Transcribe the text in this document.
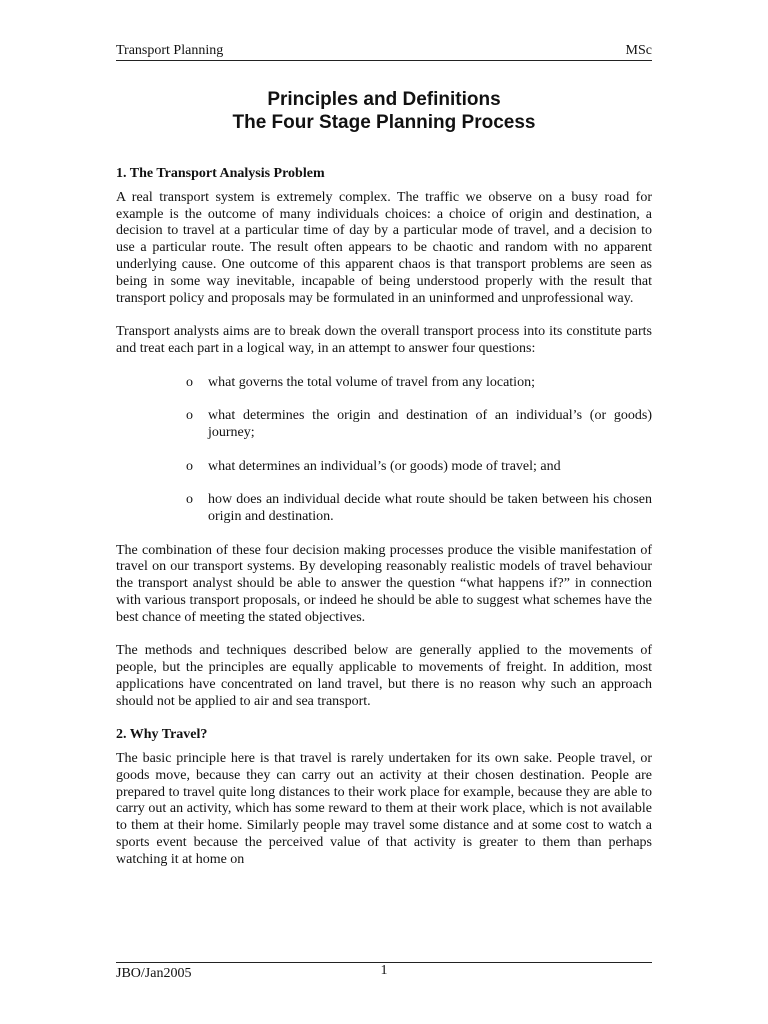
Transport Planning	MSc
Principles and Definitions
The Four Stage Planning Process
1. The Transport Analysis Problem

A real transport system is extremely complex. The traffic we observe on a busy road for example is the outcome of many individuals choices: a choice of origin and destination, a decision to travel at a particular time of day by a particular mode of travel, and a decision to use a particular route. The result often appears to be chaotic and random with no apparent underlying cause. One outcome of this apparent chaos is that transport problems are seen as being in some way inevitable, incapable of being understood properly with the result that transport policy and proposals may be formulated in an uninformed and unprofessional way.

Transport analysts aims are to break down the overall transport process into its constitute parts and treat each part in a logical way, in an attempt to answer four questions:

o what governs the total volume of travel from any location;
o what determines the origin and destination of an individual’s (or goods) journey;
o what determines an individual’s (or goods) mode of travel; and
o how does an individual decide what route should be taken between his chosen origin and destination.

The combination of these four decision making processes produce the visible manifestation of travel on our transport systems. By developing reasonably realistic models of travel behaviour the transport analyst should be able to answer the question “what happens if?” in connection with various transport proposals, or indeed he should be able to suggest what schemes have the best chance of meeting the stated objectives.

The methods and techniques described below are generally applied to the movements of people, but the principles are equally applicable to movements of freight. In addition, most applications have concentrated on land travel, but there is no reason why such an approach should not be applied to air and sea transport.

2. Why Travel?

The basic principle here is that travel is rarely undertaken for its own sake. People travel, or goods move, because they can carry out an activity at their chosen destination. People are prepared to travel quite long distances to their work place for example, because they are able to carry out an activity, which has some reward to them at their work place, which is not available to them at their home. Similarly people may travel some distance and at some cost to watch a sports event because the perceived value of that activity is greater to them than perhaps watching it at home on

JBO/Jan2005	1
